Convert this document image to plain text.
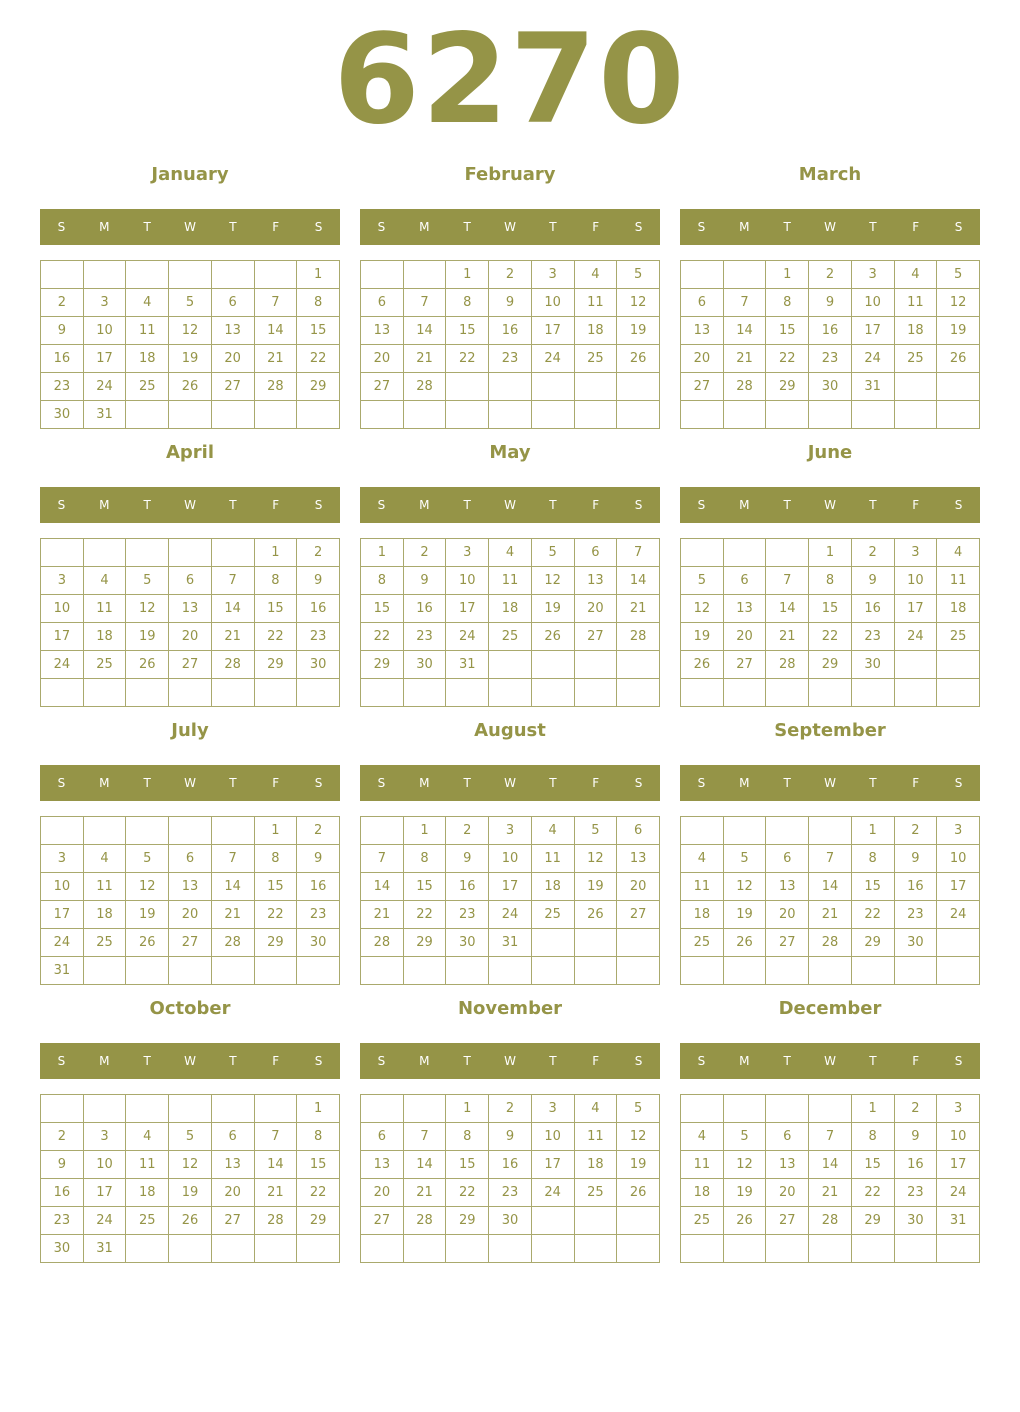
6270
January
S	M	T	W	T	F	S
						1
2	3	4	5	6	7	8
9	10	11	12	13	14	15
16	17	18	19	20	21	22
23	24	25	26	27	28	29
30	31					
February
S	M	T	W	T	F	S
		1	2	3	4	5
6	7	8	9	10	11	12
13	14	15	16	17	18	19
20	21	22	23	24	25	26
27	28					

March
S	M	T	W	T	F	S
		1	2	3	4	5
6	7	8	9	10	11	12
13	14	15	16	17	18	19
20	21	22	23	24	25	26
27	28	29	30	31		

April
S	M	T	W	T	F	S
					1	2
3	4	5	6	7	8	9
10	11	12	13	14	15	16
17	18	19	20	21	22	23
24	25	26	27	28	29	30

May
S	M	T	W	T	F	S
1	2	3	4	5	6	7
8	9	10	11	12	13	14
15	16	17	18	19	20	21
22	23	24	25	26	27	28
29	30	31				

June
S	M	T	W	T	F	S
			1	2	3	4
5	6	7	8	9	10	11
12	13	14	15	16	17	18
19	20	21	22	23	24	25
26	27	28	29	30		

July
S	M	T	W	T	F	S
					1	2
3	4	5	6	7	8	9
10	11	12	13	14	15	16
17	18	19	20	21	22	23
24	25	26	27	28	29	30
31						
August
S	M	T	W	T	F	S
	1	2	3	4	5	6
7	8	9	10	11	12	13
14	15	16	17	18	19	20
21	22	23	24	25	26	27
28	29	30	31			

September
S	M	T	W	T	F	S
				1	2	3
4	5	6	7	8	9	10
11	12	13	14	15	16	17
18	19	20	21	22	23	24
25	26	27	28	29	30	

October
S	M	T	W	T	F	S
						1
2	3	4	5	6	7	8
9	10	11	12	13	14	15
16	17	18	19	20	21	22
23	24	25	26	27	28	29
30	31					
November
S	M	T	W	T	F	S
		1	2	3	4	5
6	7	8	9	10	11	12
13	14	15	16	17	18	19
20	21	22	23	24	25	26
27	28	29	30			

December
S	M	T	W	T	F	S
				1	2	3
4	5	6	7	8	9	10
11	12	13	14	15	16	17
18	19	20	21	22	23	24
25	26	27	28	29	30	31
